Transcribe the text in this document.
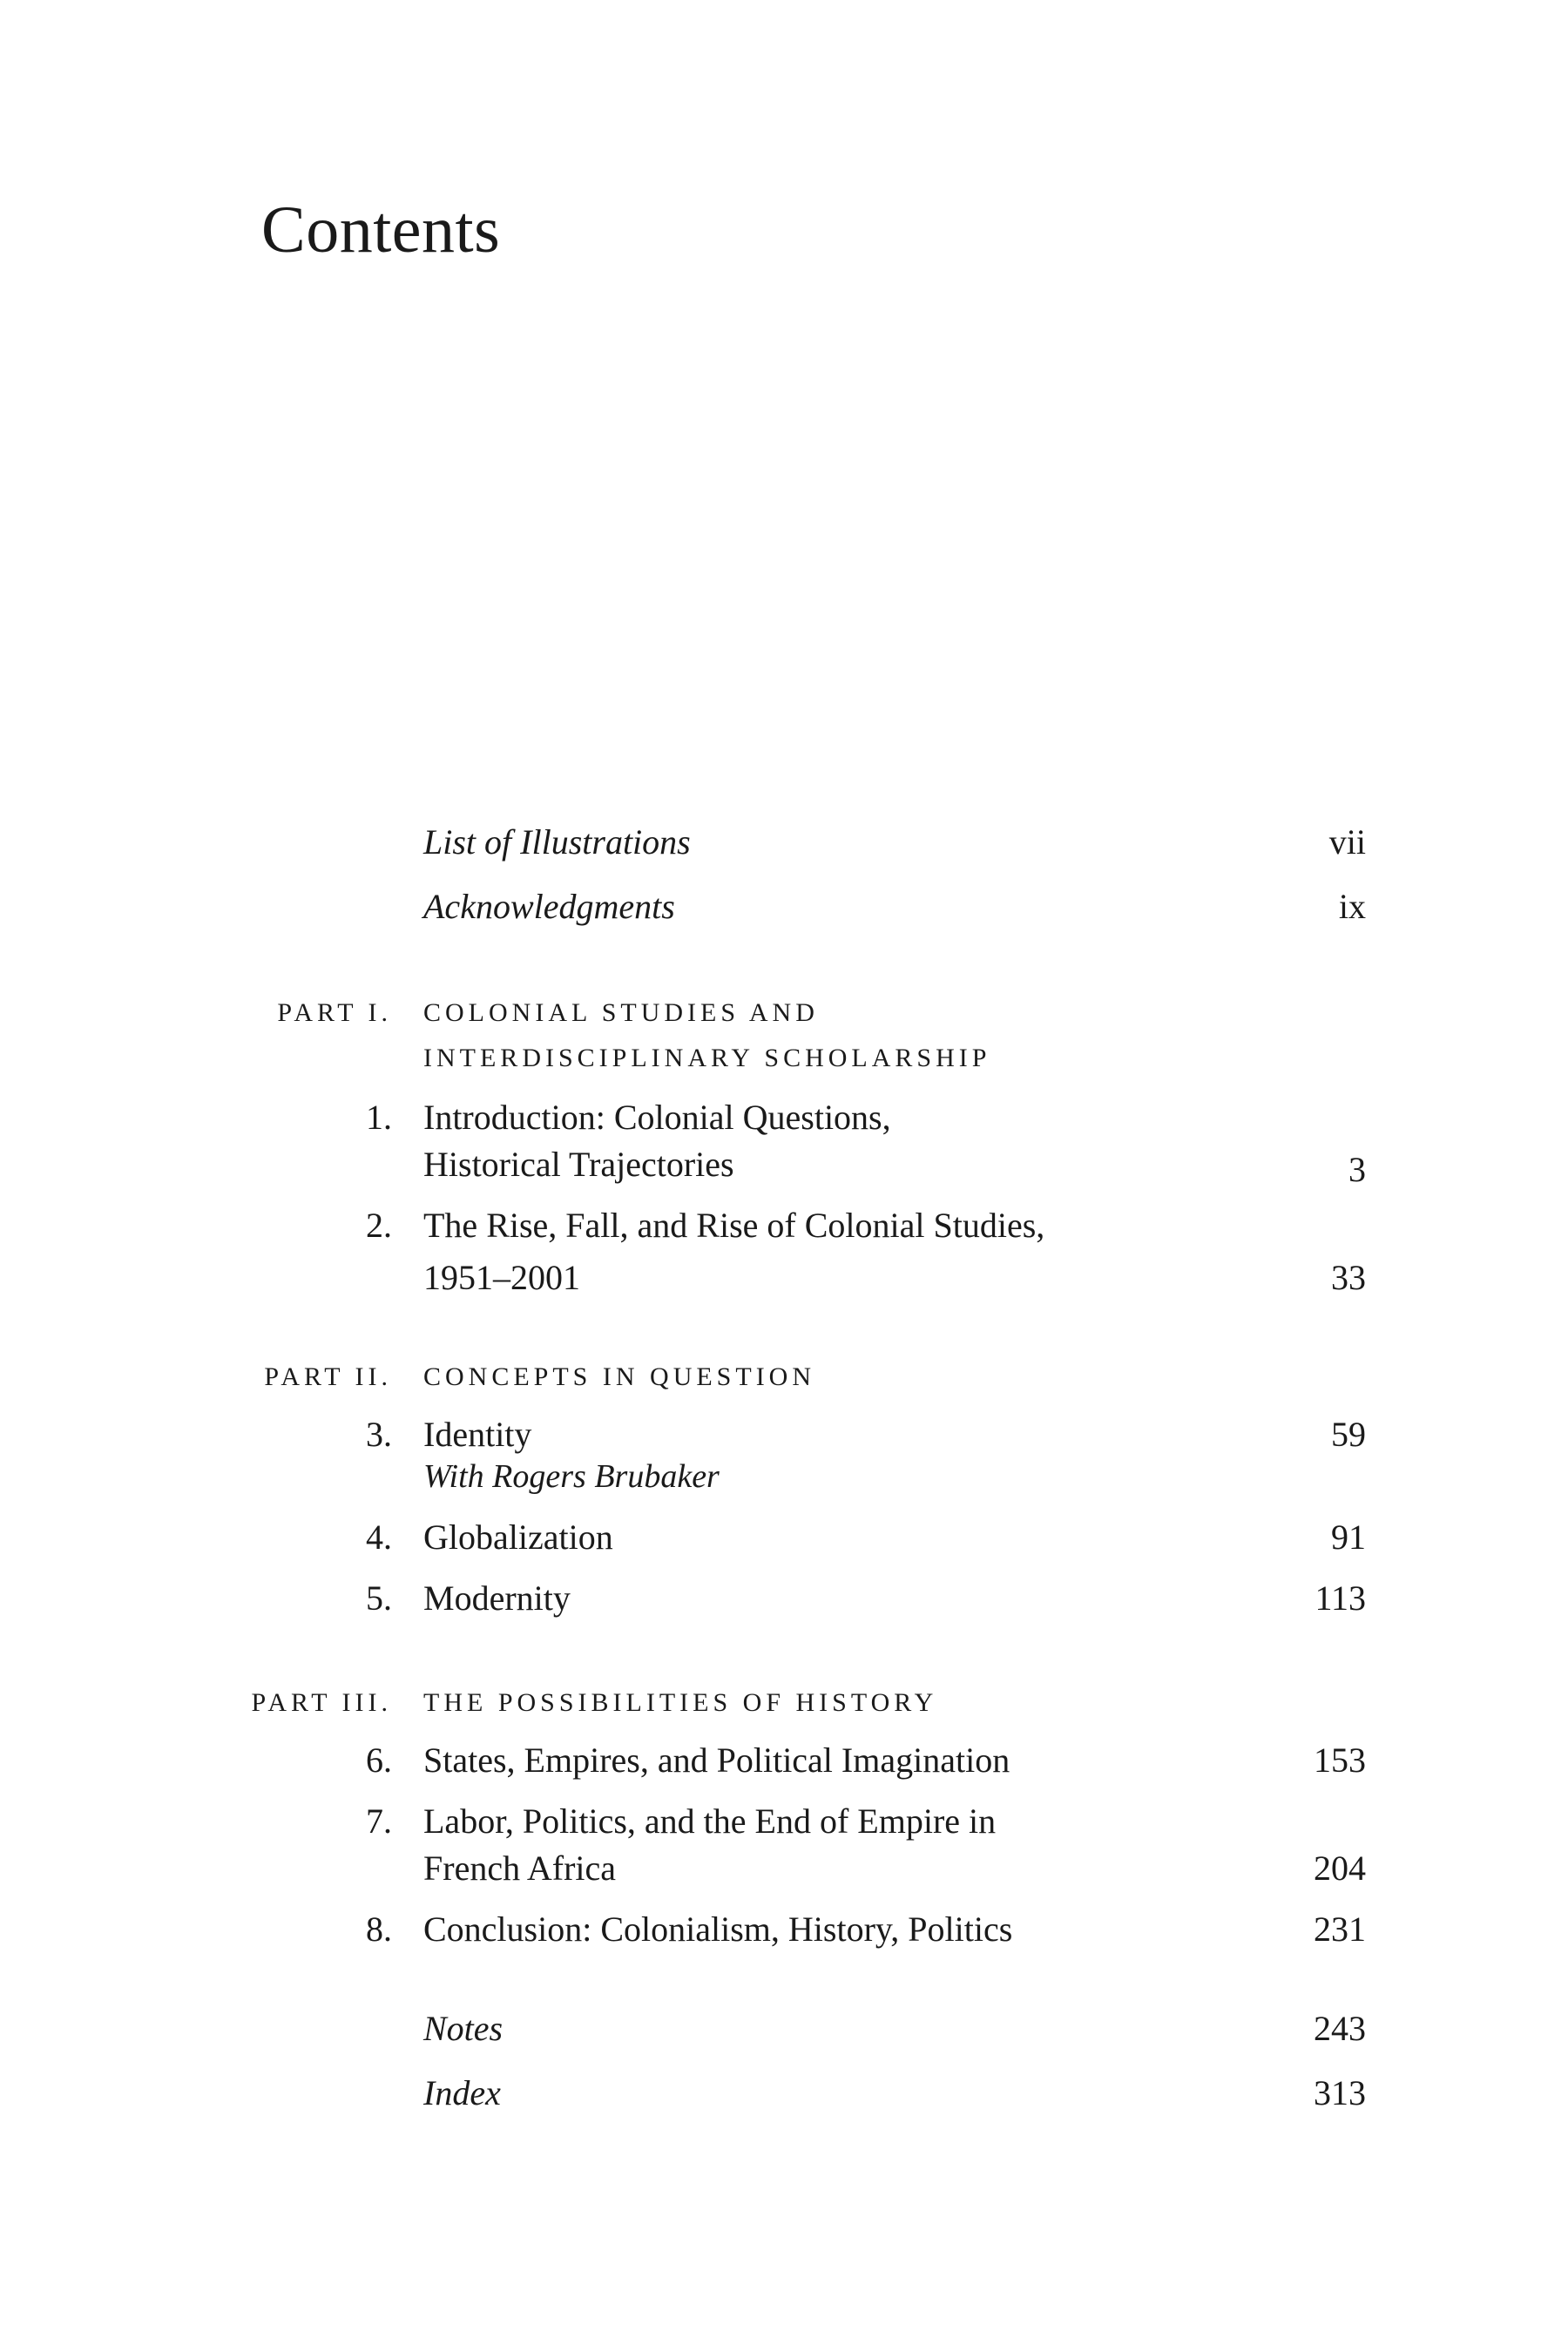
Contents
List of Illustrations	vii
Acknowledgments	ix
PART I. COLONIAL STUDIES AND
INTERDISCIPLINARY SCHOLARSHIP
1. Introduction: Colonial Questions,
Historical Trajectories	3
2. The Rise, Fall, and Rise of Colonial Studies,
1951–2001	33
PART II. CONCEPTS IN QUESTION
3. Identity	59
With Rogers Brubaker
4. Globalization	91
5. Modernity	113
PART III. THE POSSIBILITIES OF HISTORY
6. States, Empires, and Political Imagination	153
7. Labor, Politics, and the End of Empire in
French Africa	204
8. Conclusion: Colonialism, History, Politics	231
Notes	243
Index	313
